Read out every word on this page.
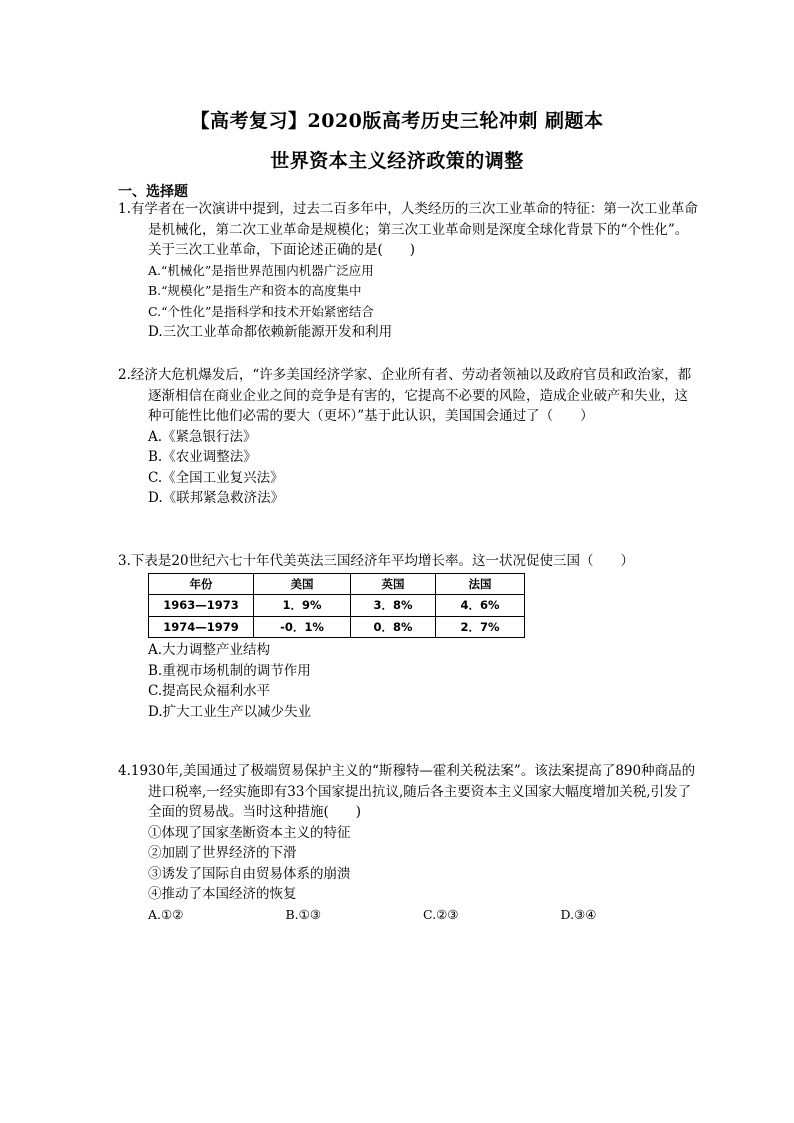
【高考复习】2020版高考历史三轮冲刺 刷题本
世界资本主义经济政策的调整
一、选择题

1.有学者在一次演讲中提到，过去二百多年中，人类经历的三次工业革命的特征：第一次工业革命是机械化，第二次工业革命是规模化；第三次工业革命则是深度全球化背景下的“个性化”。关于三次工业革命，下面论述正确的是(　　)

A.“机械化”是指世界范围内机器广泛应用
B.“规模化”是指生产和资本的高度集中
C.“个性化”是指科学和技术开始紧密结合
D.三次工业革命都依赖新能源开发和利用

2.经济大危机爆发后，“许多美国经济学家、企业所有者、劳动者领袖以及政府官员和政治家，都逐渐相信在商业企业之间的竞争是有害的，它提高不必要的风险，造成企业破产和失业，这种可能性比他们必需的要大（更坏）”基于此认识，美国国会通过了（　　）

A.《紧急银行法》
B.《农业调整法》
C.《全国工业复兴法》
D.《联邦紧急救济法》

3.下表是20世纪六七十年代美英法三国经济年平均增长率。这一状况促使三国（　　）

年份	美国	英国	法国
1963—1973	1．9%	3．8%	4．6%
1974—1979	-0．1%	0．8%	2．7%
A.大力调整产业结构
B.重视市场机制的调节作用
C.提高民众福利水平
D.扩大工业生产以减少失业

4.1930年,美国通过了极端贸易保护主义的“斯穆特—霍利关税法案”。该法案提高了890种商品的进口税率,一经实施即有33个国家提出抗议,随后各主要资本主义国家大幅度增加关税,引发了全面的贸易战。当时这种措施(　　)

①体现了国家垄断资本主义的特征
②加剧了世界经济的下滑
③诱发了国际自由贸易体系的崩溃
④推动了本国经济的恢复
A.①②	B.①③	C.②③	D.③④
